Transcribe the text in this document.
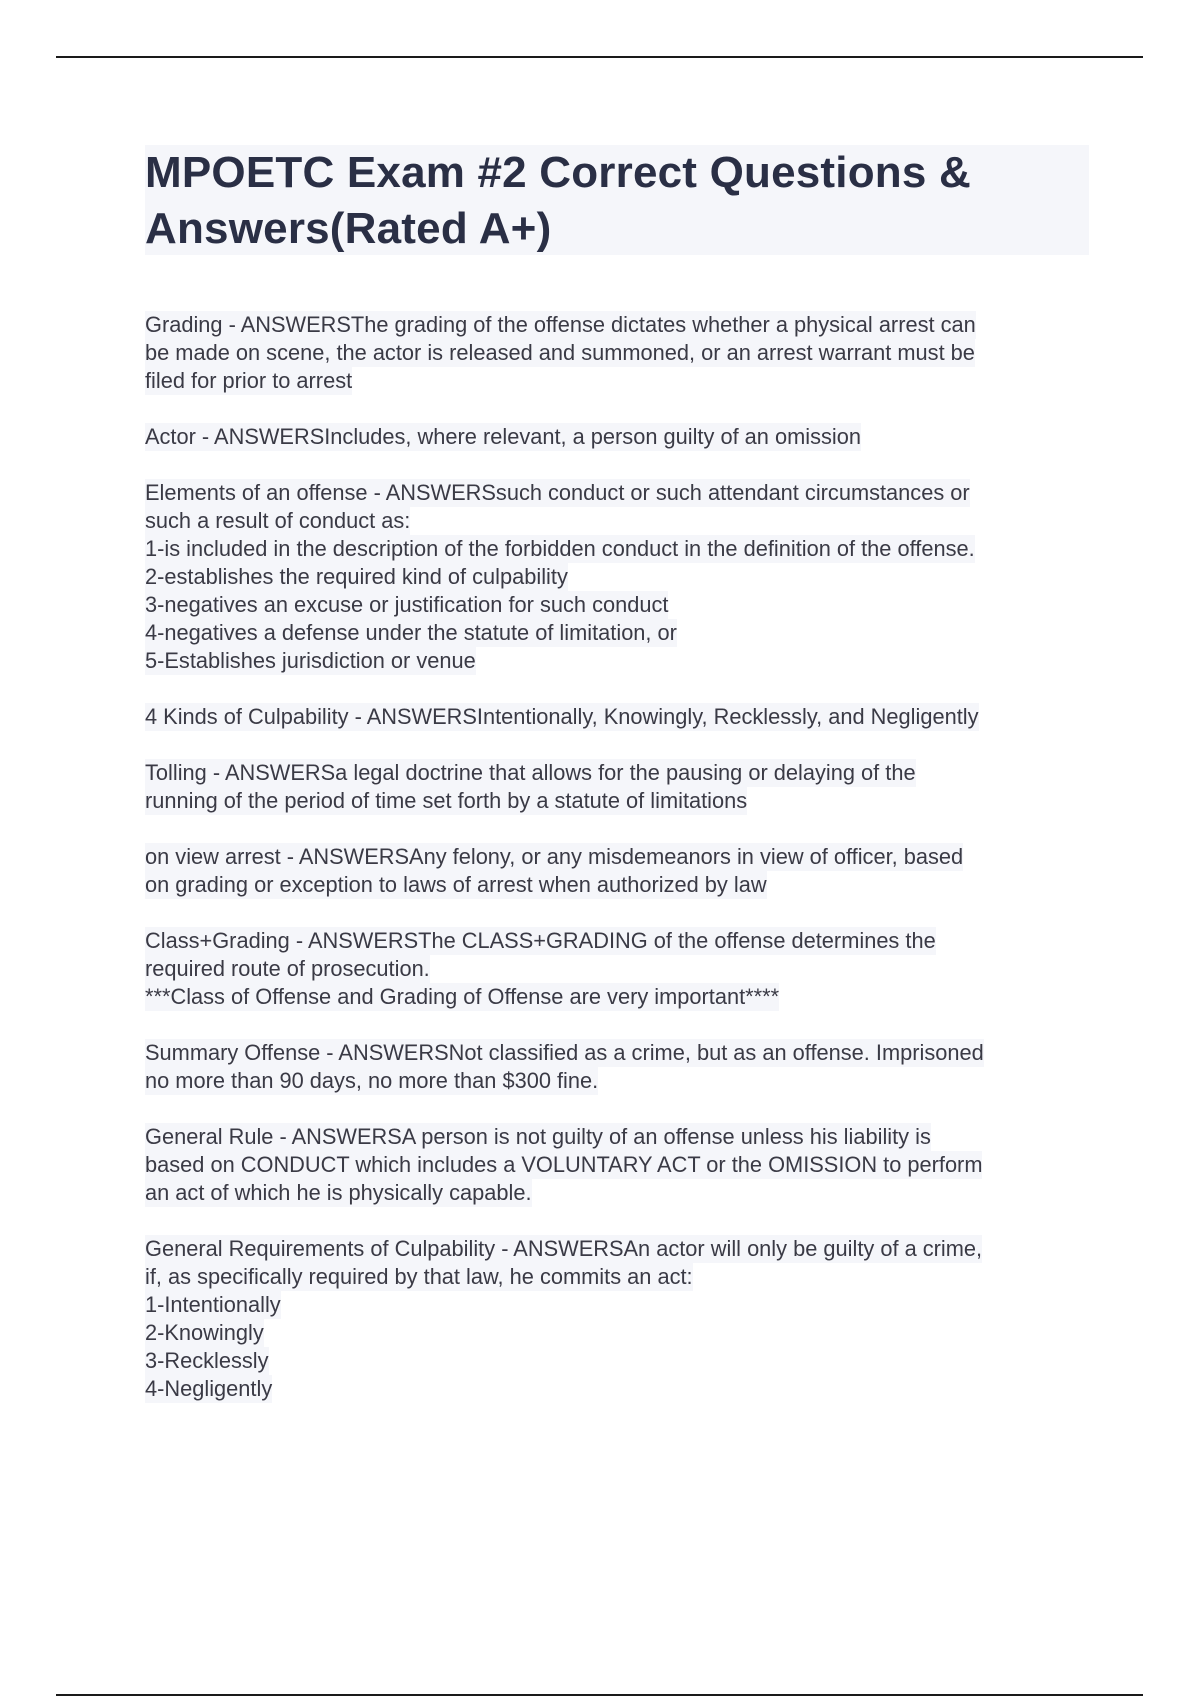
MPOETC Exam #2 Correct Questions &
Answers(Rated A+)
Grading - ANSWERSThe grading of the offense dictates whether a physical arrest can
be made on scene, the actor is released and summoned, or an arrest warrant must be
filed for prior to arrest
Actor - ANSWERSIncludes, where relevant, a person guilty of an omission
Elements of an offense - ANSWERSsuch conduct or such attendant circumstances or
such a result of conduct as:
1-is included in the description of the forbidden conduct in the definition of the offense.
2-establishes the required kind of culpability
3-negatives an excuse or justification for such conduct
4-negatives a defense under the statute of limitation, or
5-Establishes jurisdiction or venue
4 Kinds of Culpability - ANSWERSIntentionally, Knowingly, Recklessly, and Negligently
Tolling - ANSWERSa legal doctrine that allows for the pausing or delaying of the
running of the period of time set forth by a statute of limitations
on view arrest - ANSWERSAny felony, or any misdemeanors in view of officer, based
on grading or exception to laws of arrest when authorized by law
Class+Grading - ANSWERSThe CLASS+GRADING of the offense determines the
required route of prosecution.
***Class of Offense and Grading of Offense are very important****
Summary Offense - ANSWERSNot classified as a crime, but as an offense. Imprisoned
no more than 90 days, no more than $300 fine.
General Rule - ANSWERSA person is not guilty of an offense unless his liability is
based on CONDUCT which includes a VOLUNTARY ACT or the OMISSION to perform
an act of which he is physically capable.
General Requirements of Culpability - ANSWERSAn actor will only be guilty of a crime,
if, as specifically required by that law, he commits an act:
1-Intentionally
2-Knowingly
3-Recklessly
4-Negligently
